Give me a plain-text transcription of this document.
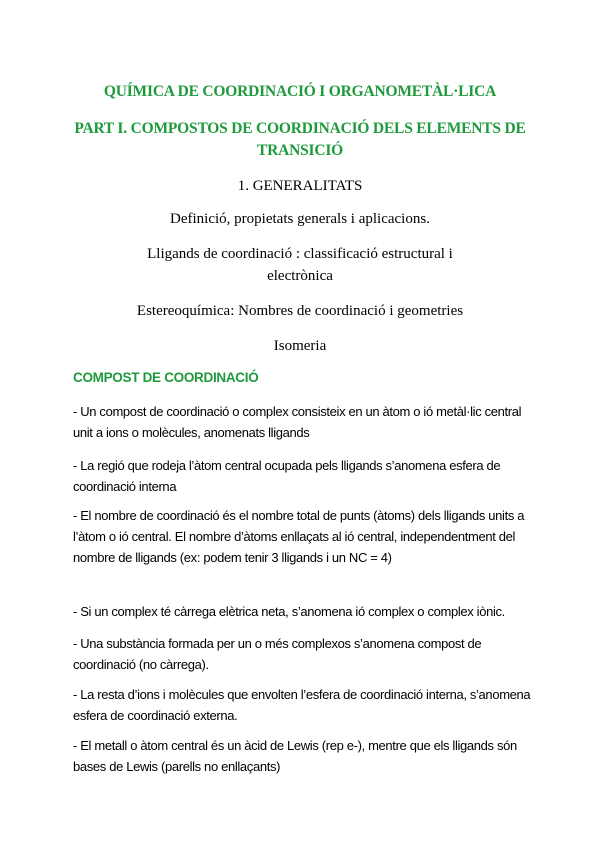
QUÍMICA DE COORDINACIÓ I ORGANOMETÀL·LICA
PART I. COMPOSTOS DE COORDINACIÓ DELS ELEMENTS DE TRANSICIÓ

1. GENERALITATS

Definició, propietats generals i aplicacions.

Lligands de coordinació : classificació estructural i electrònica

Estereoquímica: Nombres de coordinació i geometries

Isomeria

COMPOST DE COORDINACIÓ

- Un compost de coordinació o complex consisteix en un àtom o ió metàl·lic central unit a ions o molècules, anomenats lligands

- La regió que rodeja l’àtom central ocupada pels lligands s’anomena esfera de coordinació interna

- El nombre de coordinació és el nombre total de punts (àtoms) dels lligands units a l’àtom o ió central. El nombre d’àtoms enllaçats al ió central, independentment del nombre de lligands (ex: podem tenir 3 lligands i un NC = 4)

- Si un complex té càrrega elètrica neta, s’anomena ió complex o complex iònic.

- Una substància formada per un o més complexos s’anomena compost de coordinació (no càrrega).

- La resta d’ions i molècules que envolten l’esfera de coordinació interna, s’anomena esfera de coordinació externa.

- El metall o àtom central és un àcid de Lewis (rep e-), mentre que els lligands són bases de Lewis (parells no enllaçants)
